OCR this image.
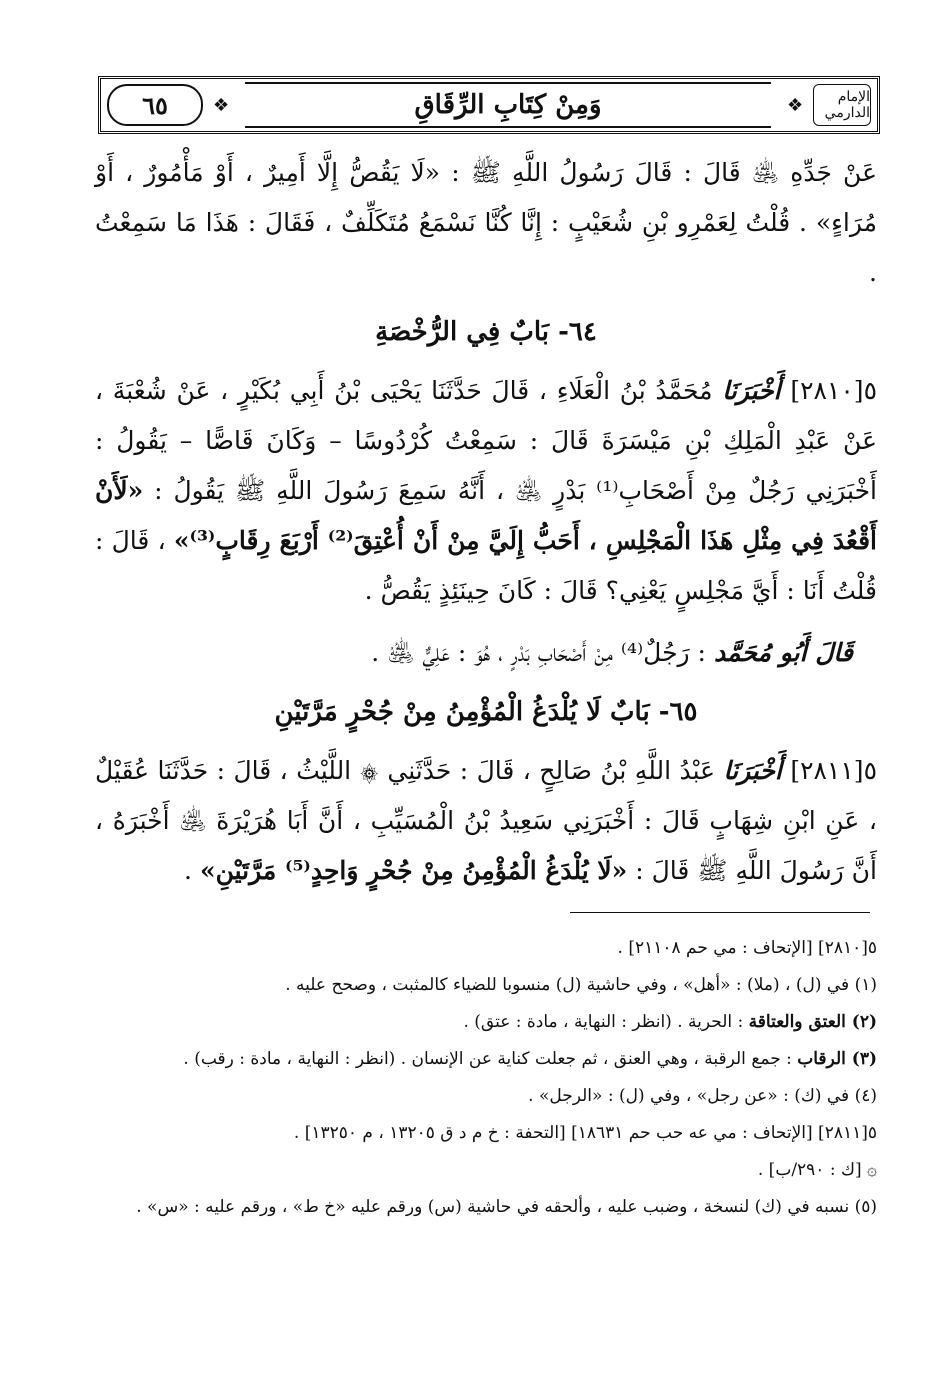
الإمام الدارمي
❖
وَمِنْ كِتَابِ الرِّقَاقِ
❖
٦٥

عَنْ جَدِّهِ ﵁ قَالَ : قَالَ رَسُولُ اللَّهِ ﷺ : «لَا يَقُصُّ إِلَّا أَمِيرٌ ، أَوْ مَأْمُورٌ ، أَوْ مُرَاءٍ» . قُلْتُ لِعَمْرِو بْنِ شُعَيْبٍ : إِنَّا كُنَّا نَسْمَعُ مُتَكَلِّفٌ ، فَقَالَ : هَذَا مَا سَمِعْتُ .

٦٤- بَابٌ فِي الرُّخْصَةِ

٥[٢٨١٠] أَخْبَرَنَا مُحَمَّدُ بْنُ الْعَلَاءِ ، قَالَ حَدَّثَنَا يَحْيَى بْنُ أَبِي بُكَيْرٍ ، عَنْ شُعْبَةَ ، عَنْ عَبْدِ الْمَلِكِ بْنِ مَيْسَرَةَ قَالَ : سَمِعْتُ كُرْدُوسًا – وَكَانَ قَاصًّا – يَقُولُ : أَخْبَرَنِي رَجُلٌ مِنْ أَصْحَابِ⁽¹⁾ بَدْرٍ ﵁ ، أَنَّهُ سَمِعَ رَسُولَ اللَّهِ ﷺ يَقُولُ : «لَأَنْ أَقْعُدَ فِي مِثْلِ هَذَا الْمَجْلِسِ ، أَحَبُّ إِلَيَّ مِنْ أَنْ أُعْتِقَ⁽²⁾ أَرْبَعَ رِقَابٍ⁽³⁾» ، قَالَ : قُلْتُ أَنَا : أَيَّ مَجْلِسٍ يَعْنِي؟ قَالَ : كَانَ حِينَئِذٍ يَقُصُّ .

قَالَ أَبُو مُحَمَّد : رَجُلٌ⁽⁴⁾ مِنْ أَصْحَابِ بَدْرٍ ، هُوَ : عَلِيٌّ ﵁ .

٦٥- بَابٌ لَا يُلْدَغُ الْمُؤْمِنُ مِنْ جُحْرٍ مَرَّتَيْنِ

٥[٢٨١١] أَخْبَرَنَا عَبْدُ اللَّهِ بْنُ صَالِحٍ ، قَالَ : حَدَّثَنِي ۞ اللَّيْثُ ، قَالَ : حَدَّثَنَا عُقَيْلٌ ، عَنِ ابْنِ شِهَابٍ قَالَ : أَخْبَرَنِي سَعِيدُ بْنُ الْمُسَيِّبِ ، أَنَّ أَبَا هُرَيْرَةَ ﵁ أَخْبَرَهُ ، أَنَّ رَسُولَ اللَّهِ ﷺ قَالَ : «لَا يُلْدَغُ الْمُؤْمِنُ مِنْ جُحْرٍ وَاحِدٍ⁽⁵⁾ مَرَّتَيْنِ» .

٥[٢٨١٠] [الإتحاف : مي حم ٢١١٠٨] .

(١) في (ل) ، (ملا) : «أهل» ، وفي حاشية (ل) منسوبا للضياء كالمثبت ، وصحح عليه .

(٢) العتق والعتاقة : الحرية . (انظر : النهاية ، مادة : عتق) .

(٣) الرقاب : جمع الرقبة ، وهي العنق ، ثم جعلت كناية عن الإنسان . (انظر : النهاية ، مادة : رقب) .

(٤) في (ك) : «عن رجل» ، وفي (ل) : «الرجل» .

٥[٢٨١١] [الإتحاف : مي عه حب حم ١٨٦٣١] [التحفة : خ م د ق ١٣٢٠٥ ، م ١٣٢٥٠] .

۞ [ك : ٢٩٠/ب] .

(٥) نسبه في (ك) لنسخة ، وضبب عليه ، وألحقه في حاشية (س) ورقم عليه «خ ط» ، ورقم عليه : «س» .
